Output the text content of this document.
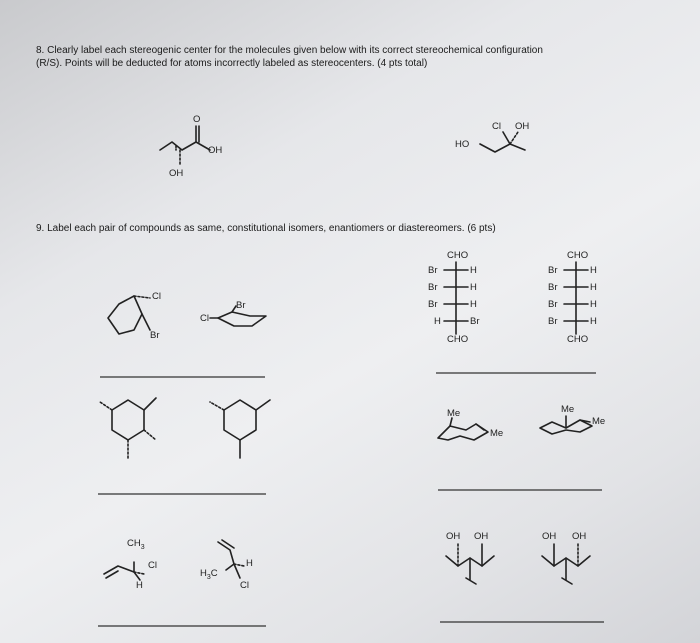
8. Clearly label each stereogenic center for the molecules given below with its correct stereochemical configuration
(R/S). Points will be deducted for atoms incorrectly labeled as stereocenters. (4 pts total)
9. Label each pair of compounds as same, constitutional isomers, enantiomers or diastereomers. (6 pts)
O
OH
OH
Cl OH
HO
Cl
Br
Br
Cl
CHO
Br	H
Br	H
Br	H
H	Br
CHO
CHO
Br	H
Br	H
Br	H
Br	H
CHO
Me
Me
Me
Me
$CH_3$
Cl
H
H
$H_3C$
Cl
OH OH	OH OH
